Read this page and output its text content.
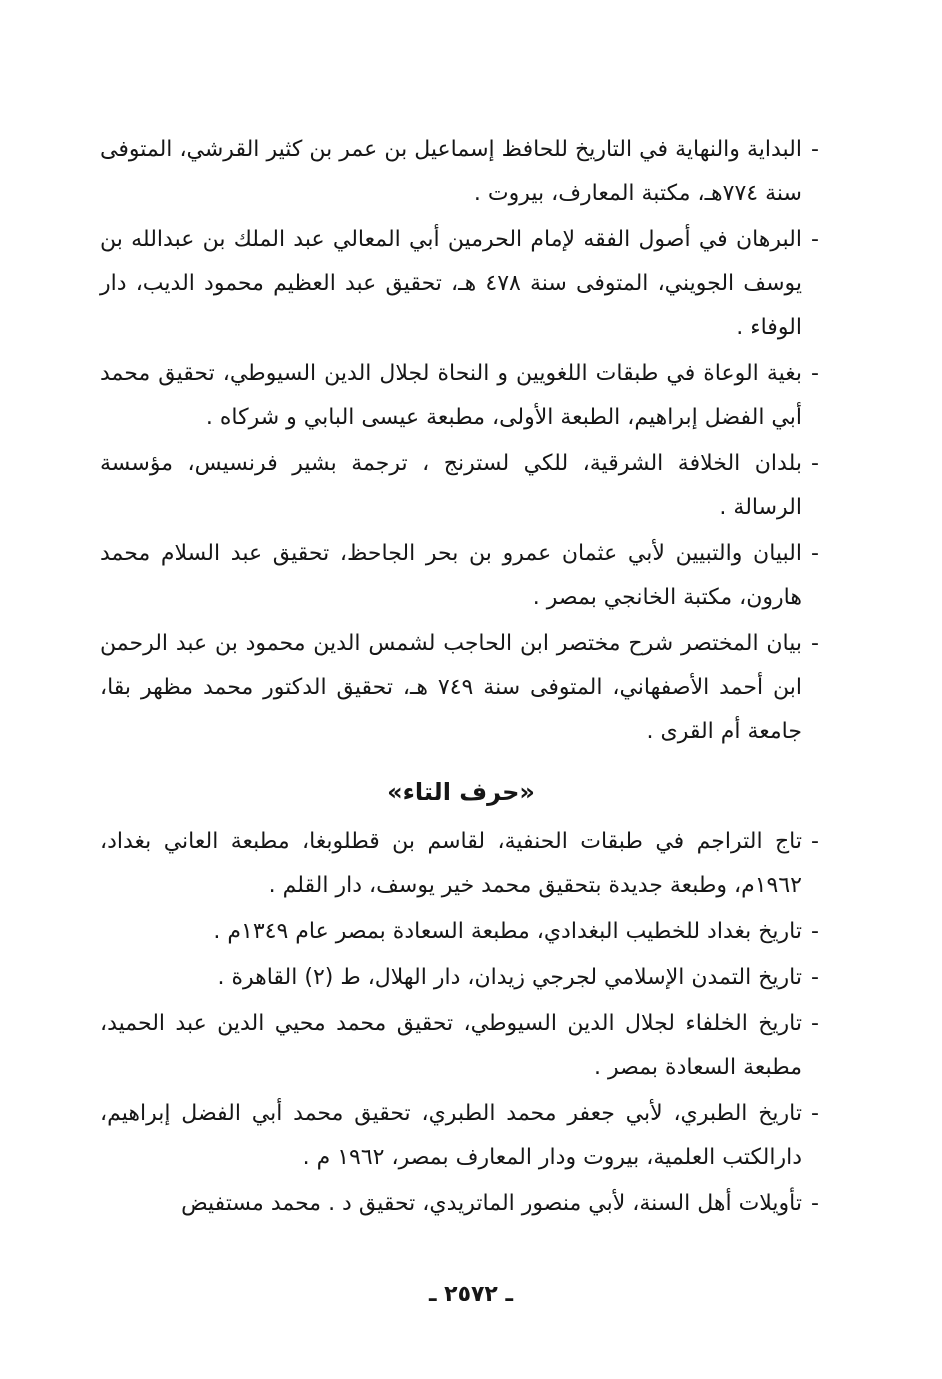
-
البداية والنهاية في التاريخ للحافظ إسماعيل بن عمر بن كثير القرشي، المتوفى سنة ٧٧٤هـ، مكتبة المعارف، بيروت .
-
البرهان في أصول الفقه لإمام الحرمين أبي المعالي عبد الملك بن عبدالله بن يوسف الجويني، المتوفى سنة ٤٧٨ هـ، تحقيق عبد العظيم محمود الديب، دار الوفاء .
-
بغية الوعاة في طبقات اللغويين و النحاة لجلال الدين السيوطي، تحقيق محمد أبي الفضل إبراهيم، الطبعة الأولى، مطبعة عيسى البابي و شركاه .
-
بلدان الخلافة الشرقية، للكي لسترنج ، ترجمة بشير فرنسيس، مؤسسة الرسالة .
-
البيان والتبيين لأبي عثمان عمرو بن بحر الجاحظ، تحقيق عبد السلام محمد هارون، مكتبة الخانجي بمصر .
-
بيان المختصر شرح مختصر ابن الحاجب لشمس الدين محمود بن عبد الرحمن ابن أحمد الأصفهاني، المتوفى سنة ٧٤٩ هـ، تحقيق الدكتور محمد مظهر بقا، جامعة أم القرى .
«حرف التاء»
-
تاج التراجم في طبقات الحنفية، لقاسم بن قطلوبغا، مطبعة العاني بغداد، ١٩٦٢م، وطبعة جديدة بتحقيق محمد خير يوسف، دار القلم .
-
تاريخ بغداد للخطيب البغدادي، مطبعة السعادة بمصر عام ١٣٤٩م .
-
تاريخ التمدن الإسلامي لجرجي زيدان، دار الهلال، ط (٢) القاهرة .
-
تاريخ الخلفاء لجلال الدين السيوطي، تحقيق محمد محيي الدين عبد الحميد، مطبعة السعادة بمصر .
-
تاريخ الطبري، لأبي جعفر محمد الطبري، تحقيق محمد أبي الفضل إبراهيم، دارالكتب العلمية، بيروت ودار المعارف بمصر، ١٩٦٢ م .
-
تأويلات أهل السنة، لأبي منصور الماتريدي، تحقيق د . محمد مستفيض
ـ ٢٥٧٢ ـ
